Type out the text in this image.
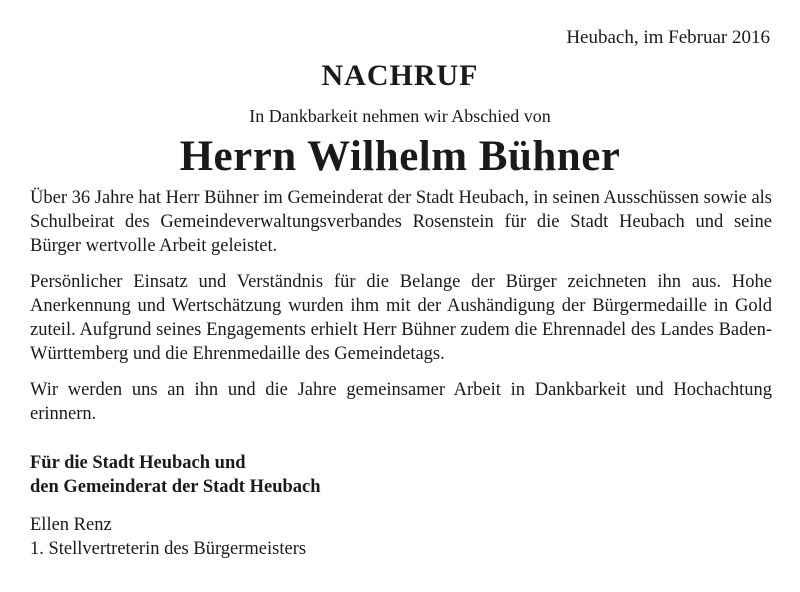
Heubach, im Februar 2016
NACHRUF
In Dankbarkeit nehmen wir Abschied von
Herrn Wilhelm Bühner

Über 36 Jahre hat Herr Bühner im Gemeinderat der Stadt Heubach, in seinen Ausschüssen sowie als Schulbeirat des Gemeindeverwaltungsverbandes Rosenstein für die Stadt Heubach und seine Bürger wertvolle Arbeit geleistet.

Persönlicher Einsatz und Verständnis für die Belange der Bürger zeichneten ihn aus. Hohe Anerkennung und Wertschätzung wurden ihm mit der Aushändigung der Bürgermedaille in Gold zuteil. Aufgrund seines Engagements erhielt Herr Bühner zudem die Ehrennadel des Landes Baden-Württemberg und die Ehrenmedaille des Gemeindetags.

Wir werden uns an ihn und die Jahre gemeinsamer Arbeit in Dankbarkeit und Hochachtung erinnern.

Für die Stadt Heubach und
den Gemeinderat der Stadt Heubach
Ellen Renz
1. Stellvertreterin des Bürgermeisters
